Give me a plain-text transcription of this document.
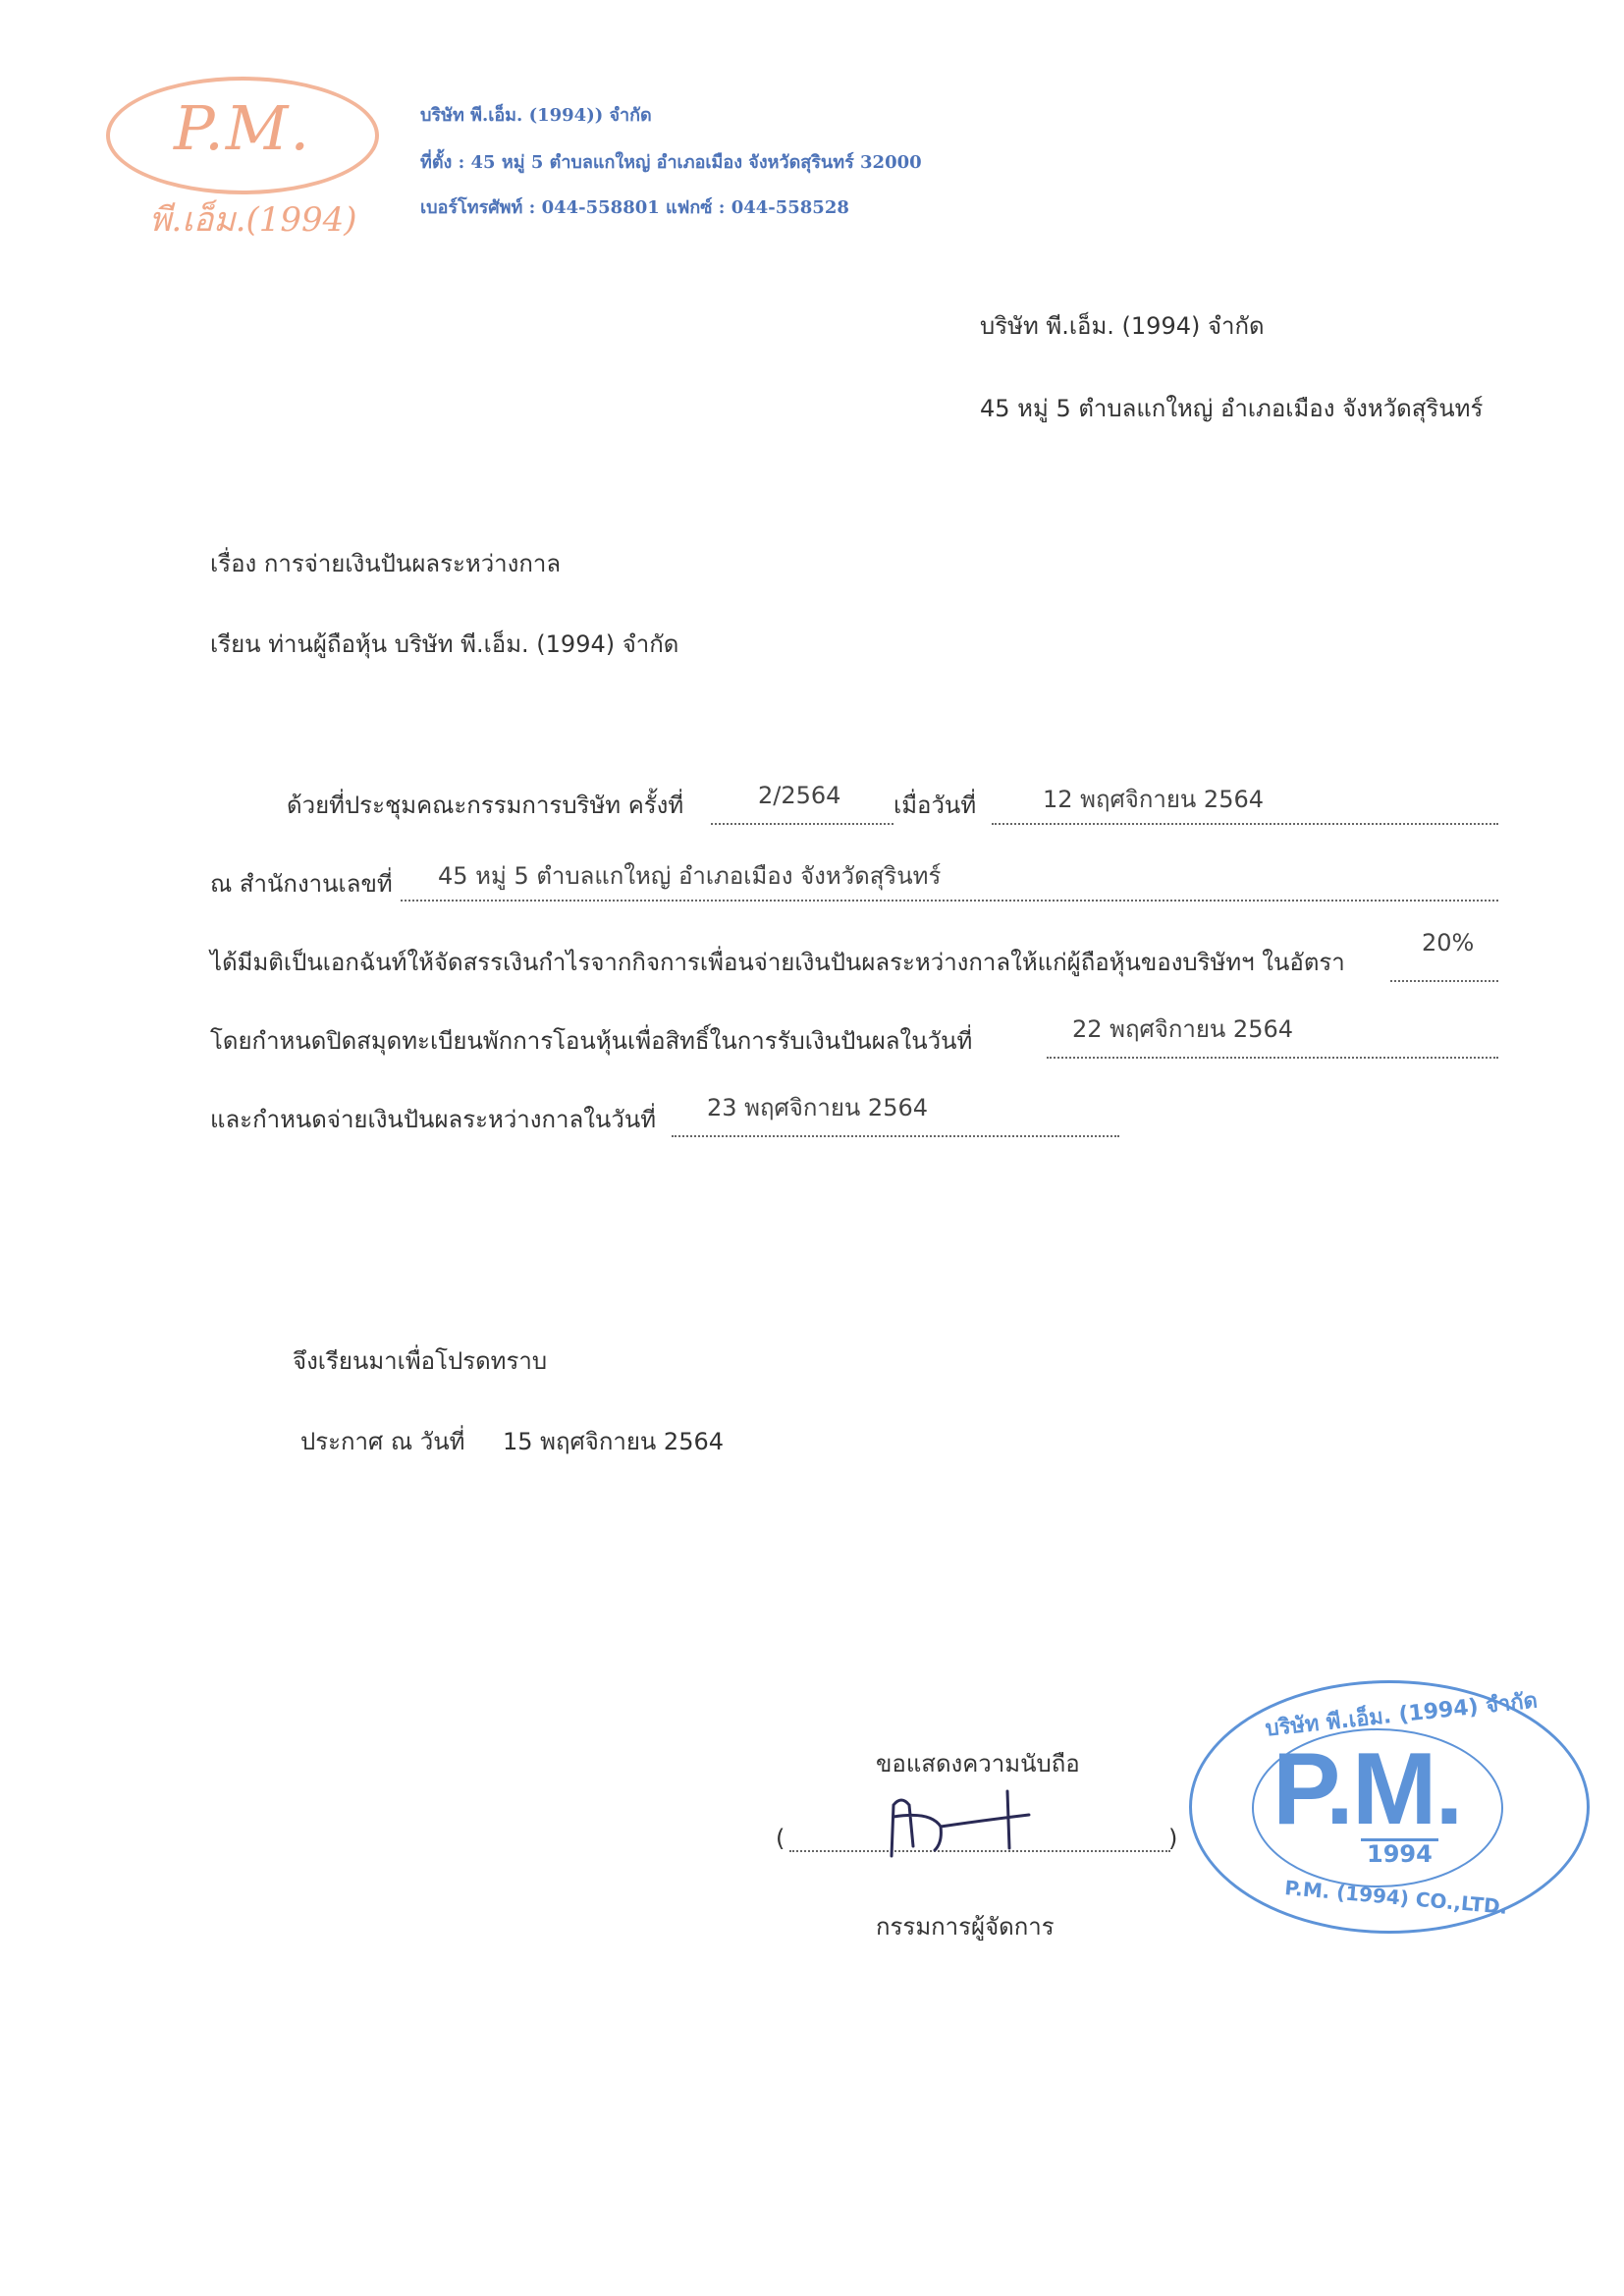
P.M.
พี.เอ็ม.(1994)
บริษัท พี.เอ็ม. (1994)) จำกัด
ที่ตั้ง : 45 หมู่ 5 ตำบลแกใหญ่ อำเภอเมือง จังหวัดสุรินทร์ 32000
เบอร์โทรศัพท์ : 044-558801 แฟกซ์ : 044-558528
บริษัท พี.เอ็ม. (1994) จำกัด
45 หมู่ 5 ตำบลแกใหญ่ อำเภอเมือง จังหวัดสุรินทร์
เรื่อง การจ่ายเงินปันผลระหว่างกาล
เรียน ท่านผู้ถือหุ้น บริษัท พี.เอ็ม. (1994) จำกัด
ด้วยที่ประชุมคณะกรรมการบริษัท ครั้งที่	2/2564 เมื่อวันที่	12 พฤศจิกายน 2564
ณ สำนักงานเลขที่ 45 หมู่ 5 ตำบลแกใหญ่ อำเภอเมือง จังหวัดสุรินทร์
ได้มีมติเป็นเอกฉันท์ให้จัดสรรเงินกำไรจากกิจการเพื่อนจ่ายเงินปันผลระหว่างกาลให้แก่ผู้ถือหุ้นของบริษัทฯ ในอัตรา
20%
โดยกำหนดปิดสมุดทะเบียนพักการโอนหุ้นเพื่อสิทธิ์ในการรับเงินปันผลในวันที่	22 พฤศจิกายน 2564
และกำหนดจ่ายเงินปันผลระหว่างกาลในวันที่ 23 พฤศจิกายน 2564
จึงเรียนมาเพื่อโปรดทราบ
ประกาศ ณ วันที่ 15 พฤศจิกายน 2564
ขอแสดงความนับถือ
(	)
กรรมการผู้จัดการ
บริษัท พี.เอ็ม. (1994) จำกัด
P.M.
1994
P.M. (1994) CO.,LTD.
